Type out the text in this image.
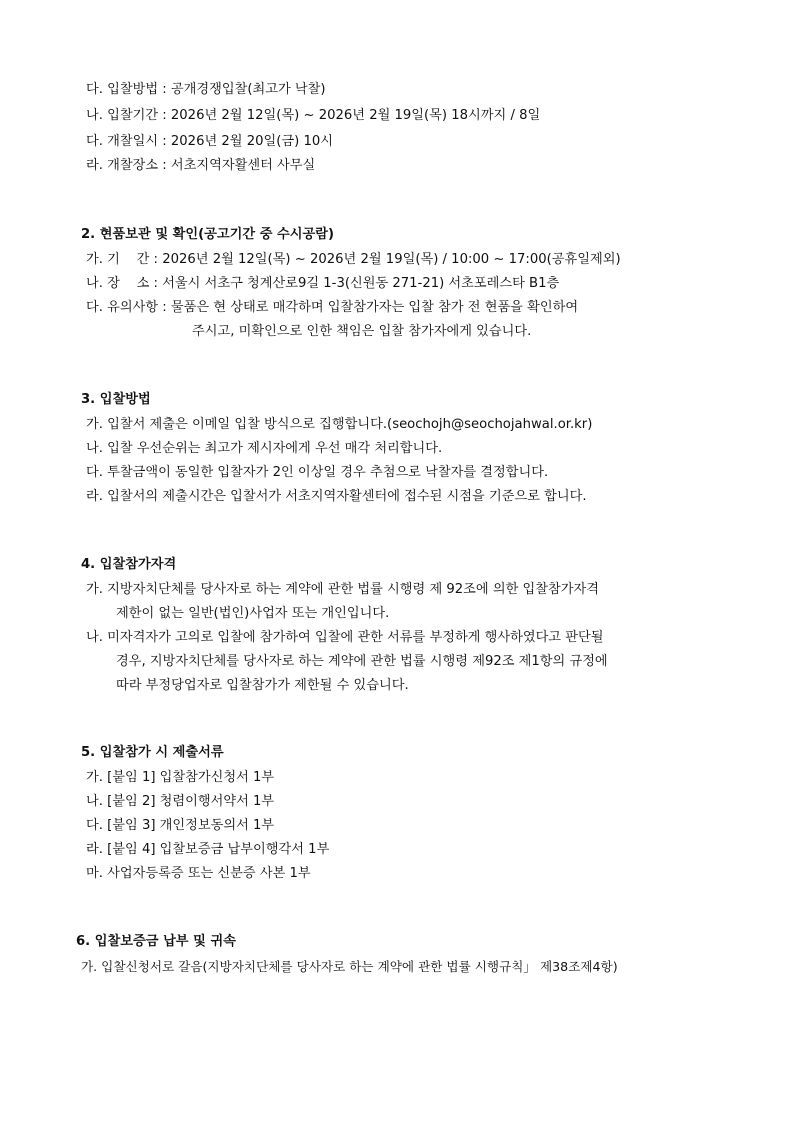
다. 입찰방법 : 공개경쟁입찰(최고가 낙찰)
나. 입찰기간 : 2026년 2월 12일(목) ~ 2026년 2월 19일(목) 18시까지 / 8일
다. 개찰일시 : 2026년 2월 20일(금) 10시
라. 개찰장소 : 서초지역자활센터 사무실
2. 현품보관 및 확인(공고기간 중 수시공람)
가. 기    간 : 2026년 2월 12일(목) ~ 2026년 2월 19일(목) / 10:00 ~ 17:00(공휴일제외)
나. 장    소 : 서울시 서초구 청계산로9길 1-3(신원동 271-21) 서초포레스타 B1층
다. 유의사항 : 물품은 현 상태로 매각하며 입찰참가자는 입찰 참가 전 현품을 확인하여
주시고, 미확인으로 인한 책임은 입찰 참가자에게 있습니다.
3. 입찰방법
가. 입찰서 제출은 이메일 입찰 방식으로 집행합니다.(seochojh@seochojahwal.or.kr)
나. 입찰 우선순위는 최고가 제시자에게 우선 매각 처리합니다.
다. 투찰금액이 동일한 입찰자가 2인 이상일 경우 추첨으로 낙찰자를 결정합니다.
라. 입찰서의 제출시간은 입찰서가 서초지역자활센터에 접수된 시점을 기준으로 합니다.
4. 입찰참가자격
가. 지방자치단체를 당사자로 하는 계약에 관한 법률 시행령 제 92조에 의한 입찰참가자격
제한이 없는 일반(법인)사업자 또는 개인입니다.
나. 미자격자가 고의로 입찰에 참가하여 입찰에 관한 서류를 부정하게 행사하였다고 판단될
경우, 지방자치단체를 당사자로 하는 계약에 관한 법률 시행령 제92조 제1항의 규정에
따라 부정당업자로 입찰참가가 제한될 수 있습니다.
5. 입찰참가 시 제출서류
가. [붙임 1] 입찰참가신청서 1부
나. [붙임 2] 청렴이행서약서 1부
다. [붙임 3] 개인정보동의서 1부
라. [붙임 4] 입찰보증금 납부이행각서 1부
마. 사업자등록증 또는 신분증 사본 1부
6. 입찰보증금 납부 및 귀속
가. 입찰신청서로 갈음(지방자치단체를 당사자로 하는 계약에 관한 법률 시행규칙」 제38조제4항)
